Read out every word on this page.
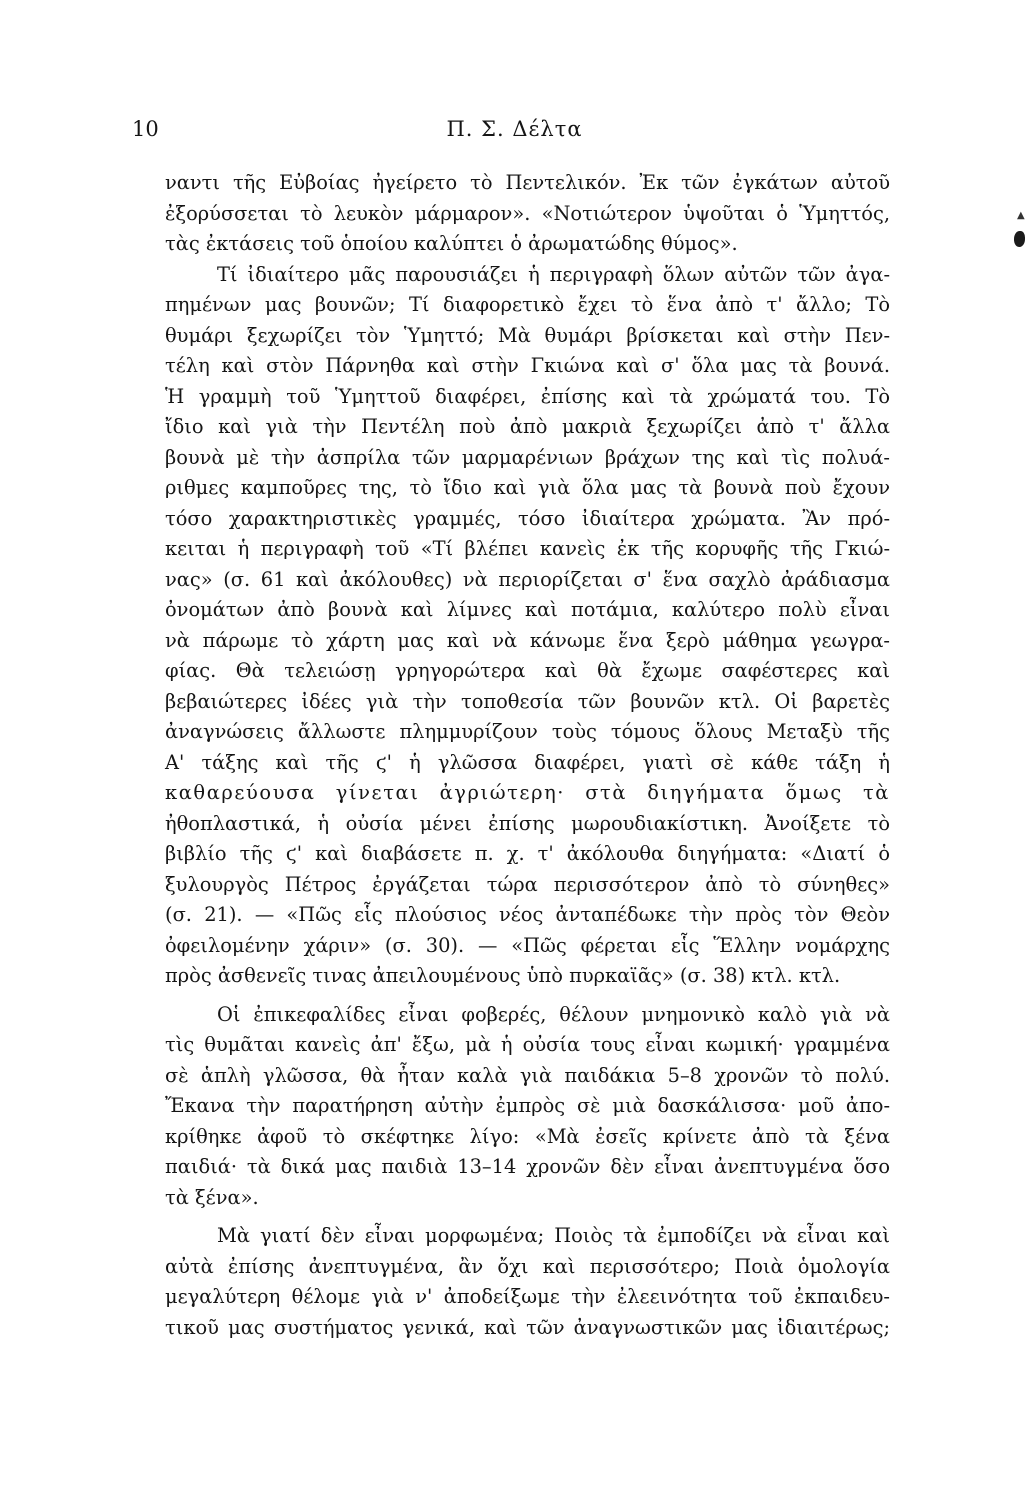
10	Π. Σ. Δέλτα
ναντι τῆς Εὐβοίας ἠγείρετο τὸ Πεντελικόν. Ἐκ τῶν ἐγκάτων αὐτοῦ
ἐξορύσσεται τὸ λευκὸν μάρμαρον». «Νοτιώτερον ὑψοῦται ὁ Ὑμηττός,
τὰς ἐκτάσεις τοῦ ὁποίου καλύπτει ὁ ἀρωματώδης θύμος».
Τί ἰδιαίτερο μᾶς παρουσιάζει ἡ περιγραφὴ ὅλων αὐτῶν τῶν ἀγα-
πημένων μας βουνῶν; Τί διαφορετικὸ ἔχει τὸ ἕνα ἀπὸ τ' ἄλλο; Τὸ
θυμάρι ξεχωρίζει τὸν Ὑμηττό; Μὰ θυμάρι βρίσκεται καὶ στὴν Πεν-
τέλη καὶ στὸν Πάρνηθα καὶ στὴν Γκιώνα καὶ σ' ὅλα μας τὰ βουνά.
Ἡ γραμμὴ τοῦ Ὑμηττοῦ διαφέρει, ἐπίσης καὶ τὰ χρώματά του. Τὸ
ἴδιο καὶ γιὰ τὴν Πεντέλη ποὺ ἀπὸ μακριὰ ξεχωρίζει ἀπὸ τ' ἄλλα
βουνὰ μὲ τὴν ἀσπρίλα τῶν μαρμαρένιων βράχων της καὶ τὶς πολυά-
ριθμες καμποῦρες της, τὸ ἴδιο καὶ γιὰ ὅλα μας τὰ βουνὰ ποὺ ἔχουν
τόσο χαρακτηριστικὲς γραμμές, τόσο ἰδιαίτερα χρώματα. Ἂν πρό-
κειται ἡ περιγραφὴ τοῦ «Τί βλέπει κανεὶς ἐκ τῆς κορυφῆς τῆς Γκιώ-
νας» (σ. 61 καὶ ἀκόλουθες) νὰ περιορίζεται σ' ἕνα σαχλὸ ἀράδιασμα
ὀνομάτων ἀπὸ βουνὰ καὶ λίμνες καὶ ποτάμια, καλύτερο πολὺ εἶναι
νὰ πάρωμε τὸ χάρτη μας καὶ νὰ κάνωμε ἕνα ξερὸ μάθημα γεωγρα-
φίας. Θὰ τελειώσῃ γρηγορώτερα καὶ θὰ ἔχωμε σαφέστερες καὶ
βεβαιώτερες ἰδέες γιὰ τὴν τοποθεσία τῶν βουνῶν κτλ. Οἱ βαρετὲς
ἀναγνώσεις ἄλλωστε πλημμυρίζουν τοὺς τόμους ὅλους Μεταξὺ τῆς
Α' τάξης καὶ τῆς ϛ' ἡ γλῶσσα διαφέρει, γιατὶ σὲ κάθε τάξη ἡ
καθαρεύουσα γίνεται ἀγριώτερη· στὰ διηγήματα ὅμως τὰ
ἠθοπλαστικά, ἡ οὐσία μένει ἐπίσης μωρουδιακίστικη. Ἀνοίξετε τὸ
βιβλίο τῆς ϛ' καὶ διαβάσετε π. χ. τ' ἀκόλουθα διηγήματα: «Διατί ὁ
ξυλουργὸς Πέτρος ἐργάζεται τώρα περισσότερον ἀπὸ τὸ σύνηθες»
(σ. 21). — «Πῶς εἷς πλούσιος νέος ἀνταπέδωκε τὴν πρὸς τὸν Θεὸν
ὀφειλομένην χάριν» (σ. 30). — «Πῶς φέρεται εἷς Ἕλλην νομάρχης
πρὸς ἀσθενεῖς τινας ἀπειλουμένους ὑπὸ πυρκαϊᾶς» (σ. 38) κτλ. κτλ.
Οἱ ἐπικεφαλίδες εἶναι φοβερές, θέλουν μνημονικὸ καλὸ γιὰ νὰ
τὶς θυμᾶται κανεὶς ἀπ' ἔξω, μὰ ἡ οὐσία τους εἶναι κωμική· γραμμένα
σὲ ἁπλὴ γλῶσσα, θὰ ἦταν καλὰ γιὰ παιδάκια 5–8 χρονῶν τὸ πολύ.
Ἔκανα τὴν παρατήρηση αὐτὴν ἐμπρὸς σὲ μιὰ δασκάλισσα· μοῦ ἀπο-
κρίθηκε ἀφοῦ τὸ σκέφτηκε λίγο: «Μὰ ἐσεῖς κρίνετε ἀπὸ τὰ ξένα
παιδιά· τὰ δικά μας παιδιὰ 13–14 χρονῶν δὲν εἶναι ἀνεπτυγμένα ὅσο
τὰ ξένα».
Μὰ γιατί δὲν εἶναι μορφωμένα; Ποιὸς τὰ ἐμποδίζει νὰ εἶναι καὶ
αὐτὰ ἐπίσης ἀνεπτυγμένα, ἂν ὄχι καὶ περισσότερο; Ποιὰ ὁμολογία
μεγαλύτερη θέλομε γιὰ ν' ἀποδείξωμε τὴν ἐλεεινότητα τοῦ ἐκπαιδευ-
τικοῦ μας συστήματος γενικά, καὶ τῶν ἀναγνωστικῶν μας ἰδιαιτέρως;
▲
